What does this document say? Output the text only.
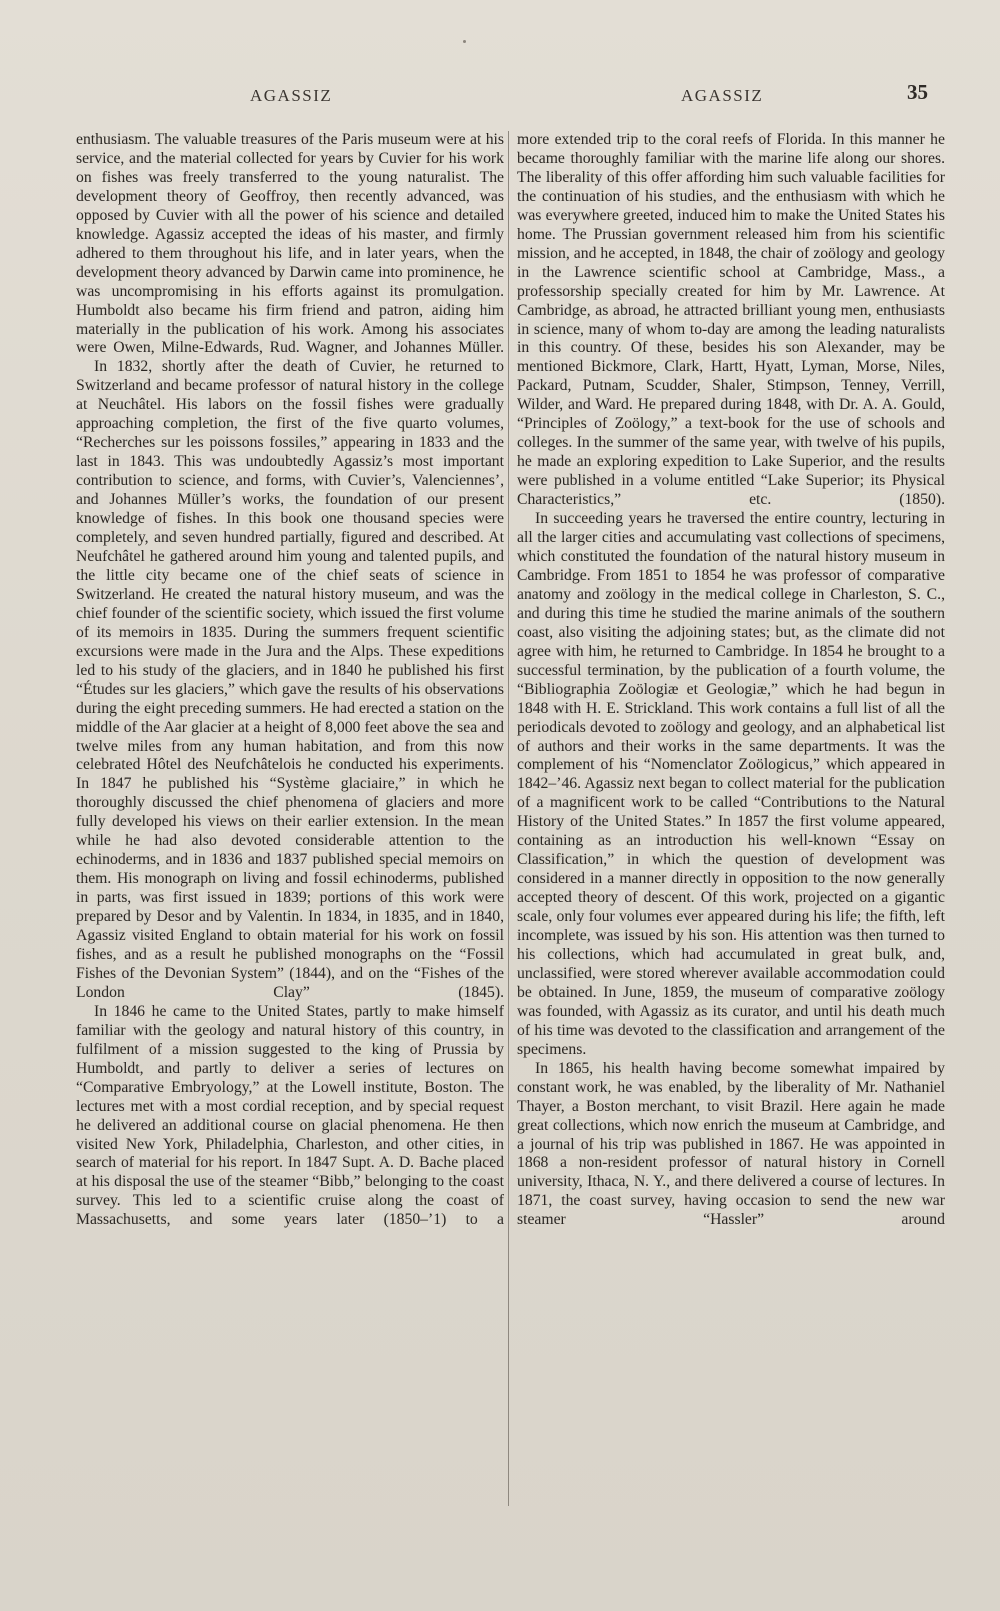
AGASSIZ	AGASSIZ	35

enthusiasm. The valuable treasures of the Paris museum were at his service, and the material collected for years by Cuvier for his work on fishes was freely transferred to the young naturalist. The development theory of Geoffroy, then recently advanced, was opposed by Cuvier with all the power of his science and detailed knowledge. Agassiz accepted the ideas of his master, and firmly adhered to them throughout his life, and in later years, when the development theory advanced by Darwin came into prominence, he was uncompromising in his efforts against its promulgation. Humboldt also became his firm friend and patron, aiding him materially in the publication of his work. Among his associates were Owen, Milne-Edwards, Rud. Wagner, and Johannes Müller.

In 1832, shortly after the death of Cuvier, he returned to Switzerland and became professor of natural history in the college at Neuchâtel. His labors on the fossil fishes were gradually approaching completion, the first of the five quarto volumes, “Recherches sur les poissons fossiles,” appearing in 1833 and the last in 1843. This was undoubtedly Agassiz’s most important contribution to science, and forms, with Cuvier’s, Valenciennes’, and Johannes Müller’s works, the foundation of our present knowledge of fishes. In this book one thousand species were completely, and seven hundred partially, figured and described. At Neufchâtel he gathered around him young and talented pupils, and the little city became one of the chief seats of science in Switzerland. He created the natural history museum, and was the chief founder of the scientific society, which issued the first volume of its memoirs in 1835. During the summers frequent scientific excursions were made in the Jura and the Alps. These expeditions led to his study of the glaciers, and in 1840 he published his first “Études sur les glaciers,” which gave the results of his observations during the eight preceding summers. He had erected a station on the middle of the Aar glacier at a height of 8,000 feet above the sea and twelve miles from any human habitation, and from this now celebrated Hôtel des Neufchâtelois he conducted his experiments. In 1847 he published his “Système glaciaire,” in which he thoroughly discussed the chief phenomena of glaciers and more fully developed his views on their earlier extension. In the mean while he had also devoted considerable attention to the echinoderms, and in 1836 and 1837 published special memoirs on them. His monograph on living and fossil echinoderms, published in parts, was first issued in 1839; portions of this work were prepared by Desor and by Valentin. In 1834, in 1835, and in 1840, Agassiz visited England to obtain material for his work on fossil fishes, and as a result he published monographs on the “Fossil Fishes of the Devonian System” (1844), and on the “Fishes of the London Clay” (1845).

In 1846 he came to the United States, partly to make himself familiar with the geology and natural history of this country, in fulfilment of a mission suggested to the king of Prussia by Humboldt, and partly to deliver a series of lectures on “Comparative Embryology,” at the Lowell institute, Boston. The lectures met with a most cordial reception, and by special request he delivered an additional course on glacial phenomena. He then visited New York, Philadelphia, Charleston, and other cities, in search of material for his report. In 1847 Supt. A. D. Bache placed at his disposal the use of the steamer “Bibb,” belonging to the coast survey. This led to a scientific cruise along the coast of Massachusetts, and some years later (1850–’1) to a

more extended trip to the coral reefs of Florida. In this manner he became thoroughly familiar with the marine life along our shores. The liberality of this offer affording him such valuable facilities for the continuation of his studies, and the enthusiasm with which he was everywhere greeted, induced him to make the United States his home. The Prussian government released him from his scientific mission, and he accepted, in 1848, the chair of zoölogy and geology in the Lawrence scientific school at Cambridge, Mass., a professorship specially created for him by Mr. Lawrence. At Cambridge, as abroad, he attracted brilliant young men, enthusiasts in science, many of whom to-day are among the leading naturalists in this country. Of these, besides his son Alexander, may be mentioned Bickmore, Clark, Hartt, Hyatt, Lyman, Morse, Niles, Packard, Putnam, Scudder, Shaler, Stimpson, Tenney, Verrill, Wilder, and Ward. He prepared during 1848, with Dr. A. A. Gould, “Principles of Zoölogy,” a text-book for the use of schools and colleges. In the summer of the same year, with twelve of his pupils, he made an exploring expedition to Lake Superior, and the results were published in a volume entitled “Lake Superior; its Physical Characteristics,” etc. (1850).

In succeeding years he traversed the entire country, lecturing in all the larger cities and accumulating vast collections of specimens, which constituted the foundation of the natural history museum in Cambridge. From 1851 to 1854 he was professor of comparative anatomy and zoölogy in the medical college in Charleston, S. C., and during this time he studied the marine animals of the southern coast, also visiting the adjoining states; but, as the climate did not agree with him, he returned to Cambridge. In 1854 he brought to a successful termination, by the publication of a fourth volume, the “Bibliographia Zoölogiæ et Geologiæ,” which he had begun in 1848 with H. E. Strickland. This work contains a full list of all the periodicals devoted to zoölogy and geology, and an alphabetical list of authors and their works in the same departments. It was the complement of his “Nomenclator Zoölogicus,” which appeared in 1842–’46. Agassiz next began to collect material for the publication of a magnificent work to be called “Contributions to the Natural History of the United States.” In 1857 the first volume appeared, containing as an introduction his well-known “Essay on Classification,” in which the question of development was considered in a manner directly in opposition to the now generally accepted theory of descent. Of this work, projected on a gigantic scale, only four volumes ever appeared during his life; the fifth, left incomplete, was issued by his son. His attention was then turned to his collections, which had accumulated in great bulk, and, unclassified, were stored wherever available accommodation could be obtained. In June, 1859, the museum of comparative zoölogy was founded, with Agassiz as its curator, and until his death much of his time was devoted to the classification and arrangement of the specimens.

In 1865, his health having become somewhat impaired by constant work, he was enabled, by the liberality of Mr. Nathaniel Thayer, a Boston merchant, to visit Brazil. Here again he made great collections, which now enrich the museum at Cambridge, and a journal of his trip was published in 1867. He was appointed in 1868 a non-resident professor of natural history in Cornell university, Ithaca, N. Y., and there delivered a course of lectures. In 1871, the coast survey, having occasion to send the new war steamer “Hassler” around
